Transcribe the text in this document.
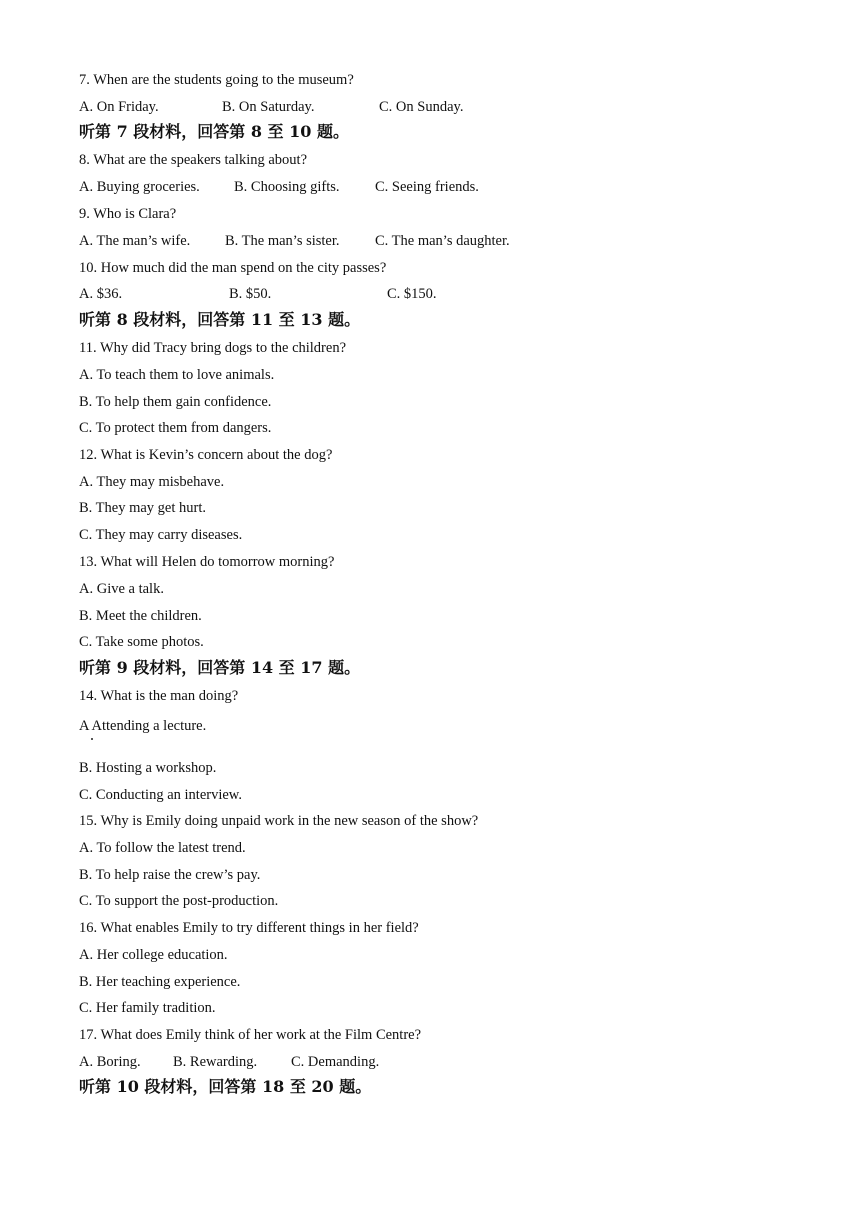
7. When are the students going to the museum?
A. On Friday.	B. On Saturday.	C. On Sunday.
听第 7 段材料，回答第 8 至 10 题。
8. What are the speakers talking about?
A. Buying groceries. B. Choosing gifts. C. Seeing friends.
9. Who is Clara?
A. The man’s wife. B. The man’s sister. C. The man’s daughter.
10. How much did the man spend on the city passes?
A. $36.	B. $50.	C. $150.
听第 8 段材料，回答第 11 至 13 题。
11. Why did Tracy bring dogs to the children?
A. To teach them to love animals.
B. To help them gain confidence.
C. To protect them from dangers.
12. What is Kevin’s concern about the dog?
A. They may misbehave.
B. They may get hurt.
C. They may carry diseases.
13. What will Helen do tomorrow morning?
A. Give a talk.
B. Meet the children.
C. Take some photos.
听第 9 段材料，回答第 14 至 17 题。
14. What is the man doing?
A Attending a lecture.
B. Hosting a workshop.
C. Conducting an interview.
15. Why is Emily doing unpaid work in the new season of the show?
A. To follow the latest trend.
B. To help raise the crew’s pay.
C. To support the post-production.
16. What enables Emily to try different things in her field?
A. Her college education.
B. Her teaching experience.
C. Her family tradition.
17. What does Emily think of her work at the Film Centre?
A. Boring. B. Rewarding. C. Demanding.
听第 10 段材料，回答第 18 至 20 题。
